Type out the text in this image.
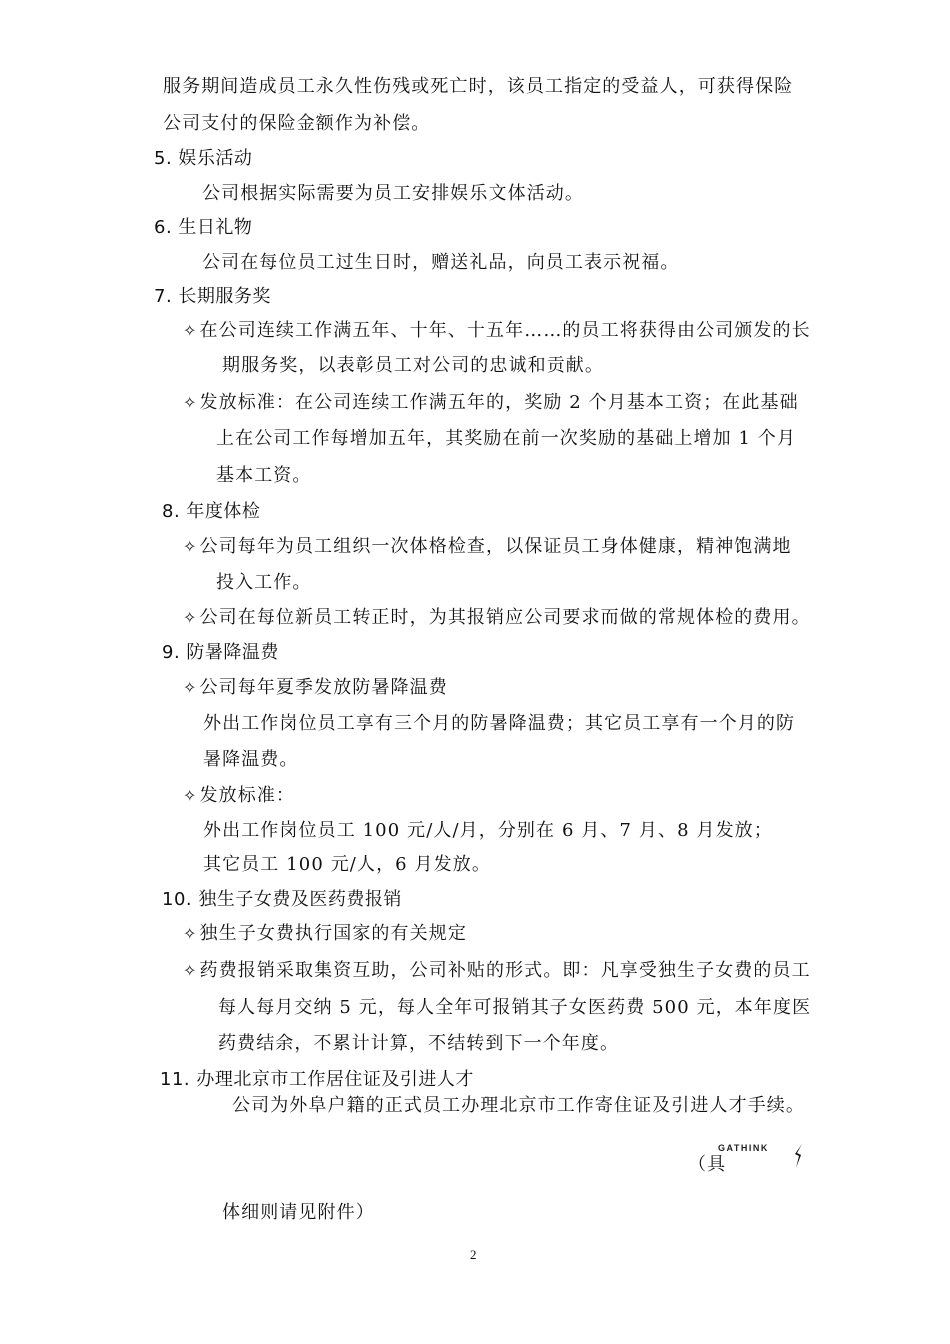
服务期间造成员工永久性伤残或死亡时，该员工指定的受益人，可获得保险
公司支付的保险金额作为补偿。
5. 娱乐活动
公司根据实际需要为员工安排娱乐文体活动。
6. 生日礼物
公司在每位员工过生日时，赠送礼品，向员工表示祝福。
7. 长期服务奖
✧ 在公司连续工作满五年、十年、十五年……的员工将获得由公司颁发的长
期服务奖，以表彰员工对公司的忠诚和贡献。
✧ 发放标准：在公司连续工作满五年的，奖励 2 个月基本工资；在此基础
上在公司工作每增加五年，其奖励在前一次奖励的基础上增加 1 个月
基本工资。
8. 年度体检
✧ 公司每年为员工组织一次体格检查，以保证员工身体健康，精神饱满地
投入工作。
✧ 公司在每位新员工转正时，为其报销应公司要求而做的常规体检的费用。
9. 防暑降温费
✧ 公司每年夏季发放防暑降温费
外出工作岗位员工享有三个月的防暑降温费；其它员工享有一个月的防
暑降温费。
✧ 发放标准：
外出工作岗位员工 100 元/人/月，分别在 6 月、7 月、8 月发放；
其它员工 100 元/人，6 月发放。
10. 独生子女费及医药费报销
✧ 独生子女费执行国家的有关规定
✧ 药费报销采取集资互助，公司补贴的形式。即：凡享受独生子女费的员工
每人每月交纳 5 元，每人全年可报销其子女医药费 500 元，本年度医
药费结余，不累计计算，不结转到下一个年度。
11. 办理北京市工作居住证及引进人才
公司为外阜户籍的正式员工办理北京市工作寄住证及引进人才手续。
（具
GATHINK
体细则请见附件）
2
